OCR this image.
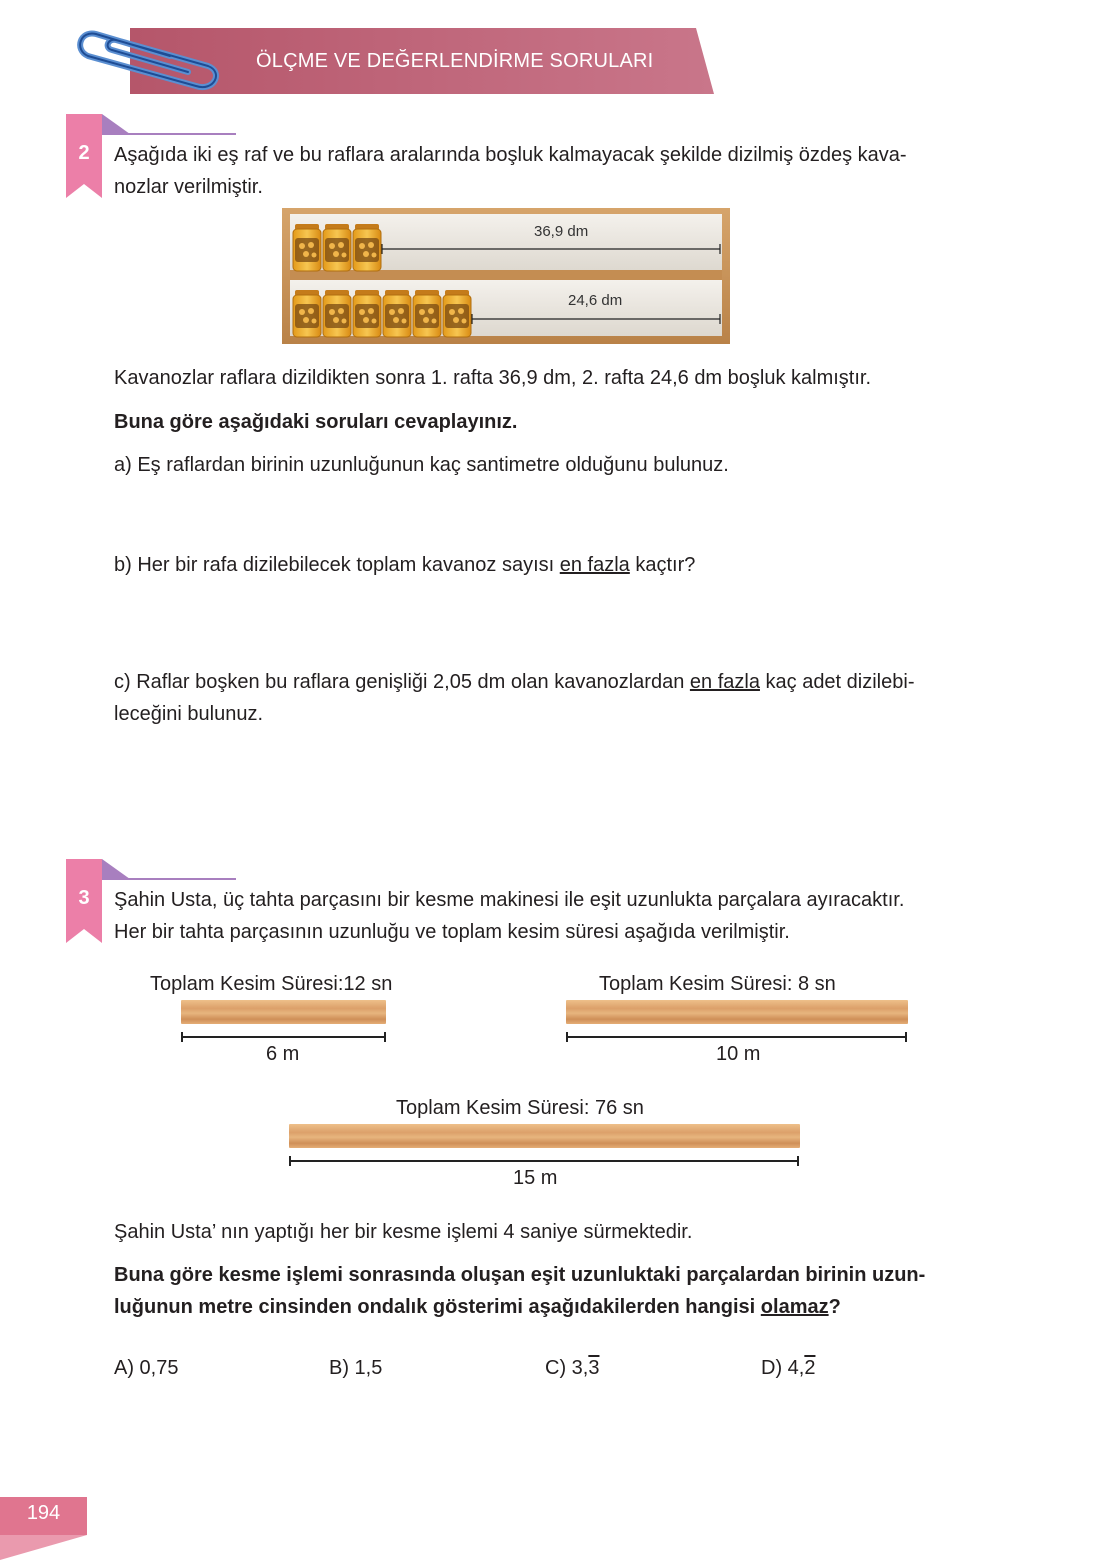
ÖLÇME VE DEĞERLENDİRME SORULARI
2	Aşağıda iki eş raf ve bu raflara aralarında boşluk kalmayacak şekilde dizilmiş özdeş kava-
nozlar verilmiştir.
36,9 dm
24,6 dm
Kavanozlar raflara dizildikten sonra 1. rafta 36,9 dm, 2. rafta 24,6 dm boşluk kalmıştır.
Buna göre aşağıdaki soruları cevaplayınız.
a) Eş raflardan birinin uzunluğunun kaç santimetre olduğunu bulunuz.
b) Her bir rafa dizilebilecek toplam kavanoz sayısı en fazla kaçtır?
c) Raflar boşken bu raflara genişliği 2,05 dm olan kavanozlardan en fazla kaç adet dizilebi-
leceğini bulunuz.
3	Şahin Usta, üç tahta parçasını bir kesme makinesi ile eşit uzunlukta parçalara ayıracaktır.
Her bir tahta parçasının uzunluğu ve toplam kesim süresi aşağıda verilmiştir.
Toplam Kesim Süresi:12 sn
6 m
Toplam Kesim Süresi: 8 sn
10 m
Toplam Kesim Süresi: 76 sn
15 m
Şahin Usta’ nın yaptığı her bir kesme işlemi 4 saniye sürmektedir.
Buna göre kesme işlemi sonrasında oluşan eşit uzunluktaki parçalardan birinin uzun-
luğunun metre cinsinden ondalık gösterimi aşağıdakilerden hangisi olamaz?
A) 0,75	B) 1,5	C) 3,3	D) 4,2
194
